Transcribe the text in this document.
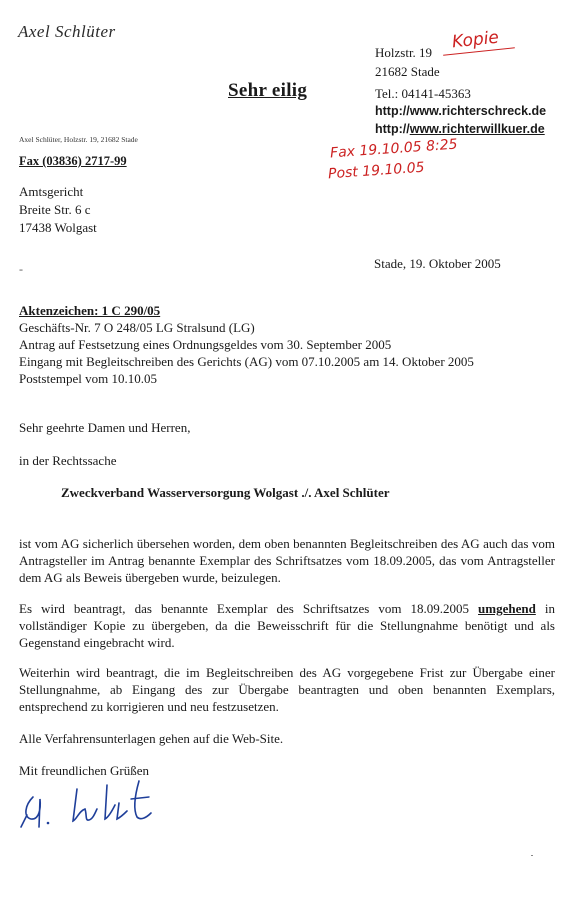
Axel Schlüter
Holzstr. 19
21682 Stade
Tel.: 04141-45363
http://www.richterschreck.de
http://www.richterwillkuer.de
Kopie
Sehr eilig
Axel Schlüter, Holzstr. 19, 21682 Stade
Fax (03836) 2717-99	Fax 19.10.05 8:25
Post 19.10.05
Amtsgericht
Breite Str. 6 c
17438 Wolgast
Stade, 19. Oktober 2005
-
Aktenzeichen: 1 C 290/05
Geschäfts-Nr. 7 O 248/05 LG Stralsund (LG)
Antrag auf Festsetzung eines Ordnungsgeldes vom 30. September 2005
Eingang mit Begleitschreiben des Gerichts (AG) vom 07.10.2005 am 14. Oktober 2005
Poststempel vom 10.10.05
Sehr geehrte Damen und Herren,
in der Rechtssache
Zweckverband Wasserversorgung Wolgast ./. Axel Schlüter
ist vom AG sicherlich übersehen worden, dem oben benannten Begleitschreiben des AG auch das vom Antragsteller im Antrag benannte Exemplar des Schriftsatzes vom 18.09.2005, das vom Antragsteller dem AG als Beweis übergeben wurde, beizulegen.
Es wird beantragt, das benannte Exemplar des Schriftsatzes vom 18.09.2005 umgehend in vollständiger Kopie zu übergeben, da die Beweisschrift für die Stellungnahme benötigt und als Gegenstand eingebracht wird.
Weiterhin wird beantragt, die im Begleitschreiben des AG vorgegebene Frist zur Übergabe einer Stellungnahme, ab Eingang des zur Übergabe beantragten und oben benannten Exemplars, entsprechend zu korrigieren und neu festzusetzen.
Alle Verfahrensunterlagen gehen auf die Web-Site.
Mit freundlichen Grüßen
